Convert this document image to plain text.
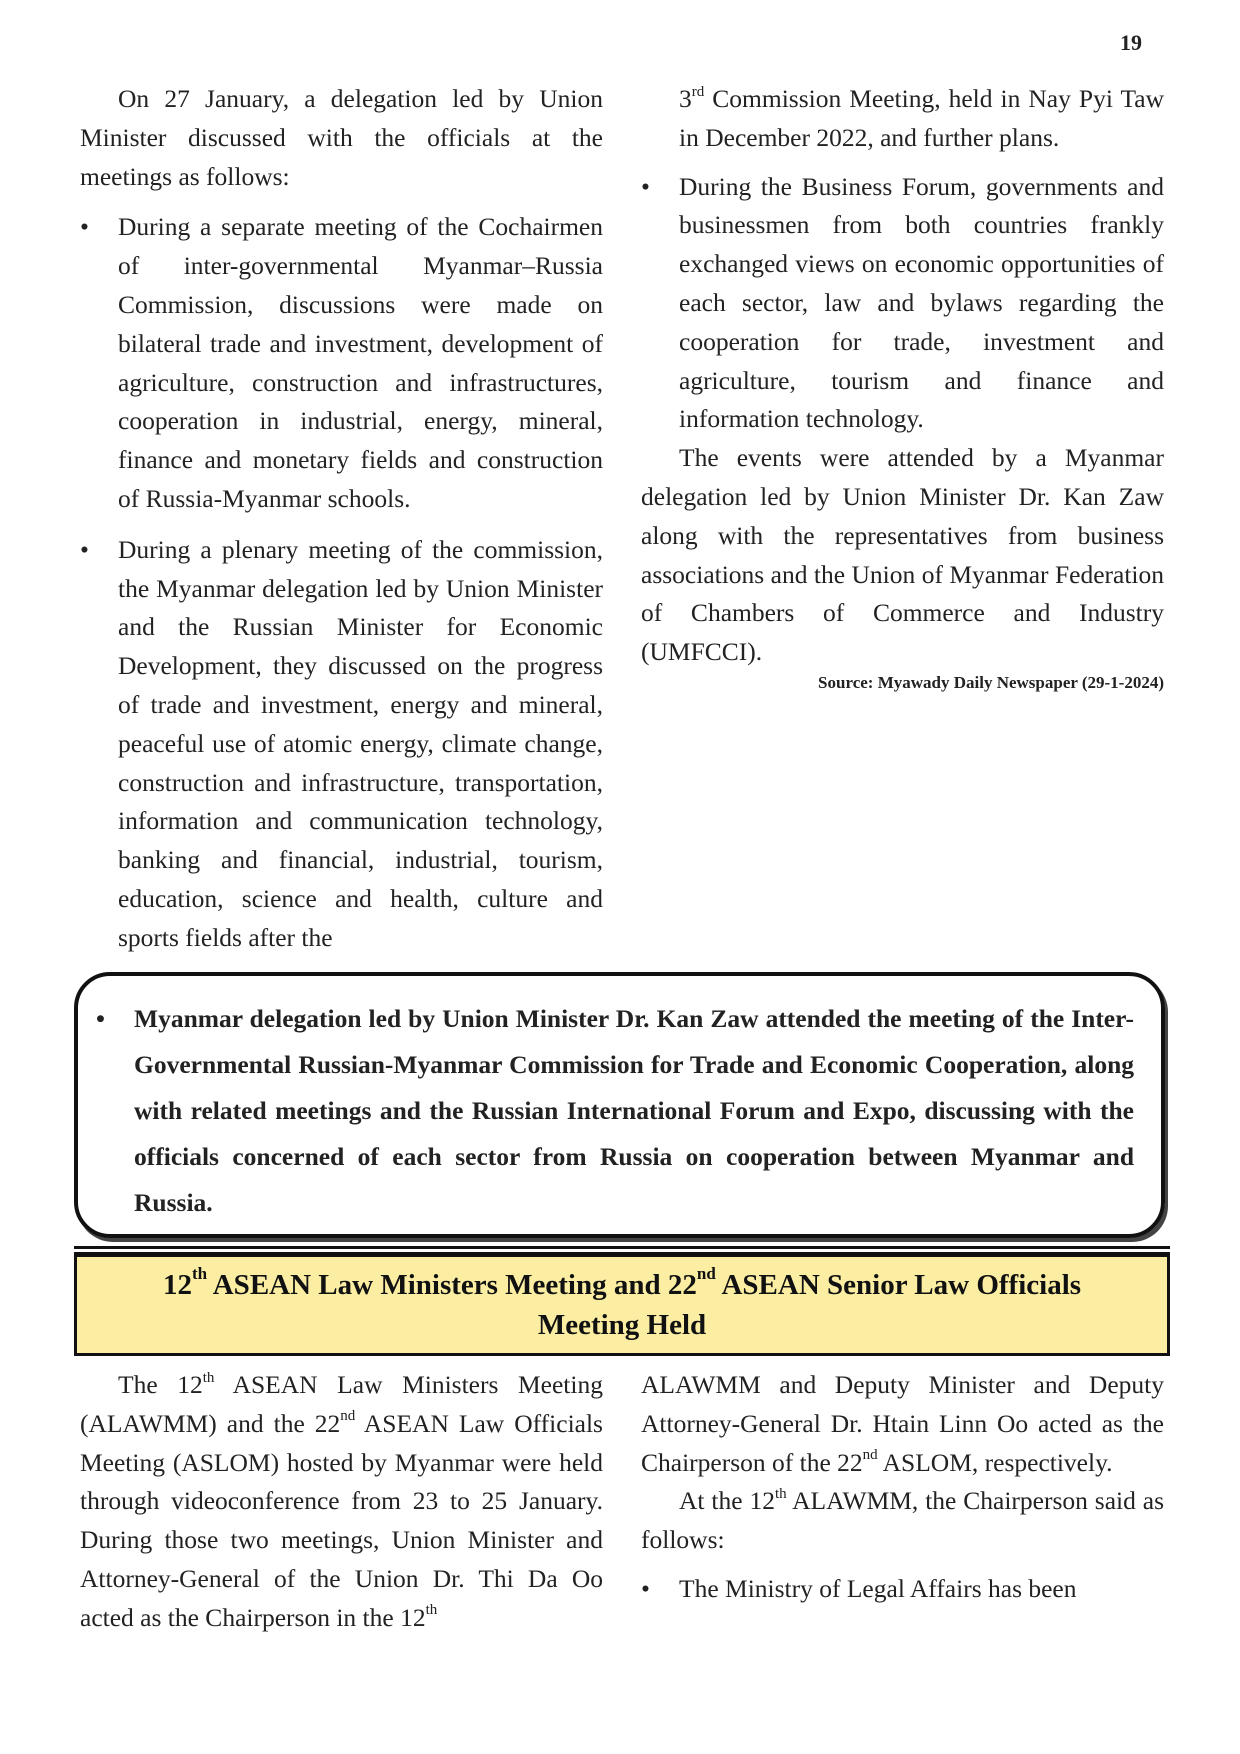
19

On 27 January, a delegation led by Union Minister discussed with the officials at the meetings as follows:

• During a separate meeting of the Cochairmen of inter-governmental Myanmar–Russia Commission, discussions were made on bilateral trade and investment, development of agriculture, construction and infrastructures, cooperation in industrial, energy, mineral, finance and monetary fields and construction of Russia-Myanmar schools.
• During a plenary meeting of the commission, the Myanmar delegation led by Union Minister and the Russian Minister for Economic Development, they discussed on the progress of trade and investment, energy and mineral, peaceful use of atomic energy, climate change, construction and infrastructure, transportation, information and communication technology, banking and financial, industrial, tourism, education, science and health, culture and sports fields after the
3rd Commission Meeting, held in Nay Pyi Taw in December 2022, and further plans.
• During the Business Forum, governments and businessmen from both countries frankly exchanged views on economic opportunities of each sector, law and bylaws regarding the cooperation for trade, investment and agriculture, tourism and finance and information technology.

The events were attended by a Myanmar delegation led by Union Minister Dr. Kan Zaw along with the representatives from business associations and the Union of Myanmar Federation of Chambers of Commerce and Industry (UMFCCI).

Source: Myawady Daily Newspaper (29-1-2024)

• Myanmar delegation led by Union Minister Dr. Kan Zaw attended the meeting of the Inter-Governmental Russian-Myanmar Commission for Trade and Economic Cooperation, along with related meetings and the Russian International Forum and Expo, discussing with the officials concerned of each sector from Russia on cooperation between Myanmar and Russia.
12th ASEAN Law Ministers Meeting and 22nd ASEAN Senior Law Officials Meeting Held

The 12th ASEAN Law Ministers Meeting (ALAWMM) and the 22nd ASEAN Law Officials Meeting (ASLOM) hosted by Myanmar were held through videoconference from 23 to 25 January. During those two meetings, Union Minister and Attorney-General of the Union Dr. Thi Da Oo acted as the Chairperson in the 12th

ALAWMM and Deputy Minister and Deputy Attorney-General Dr. Htain Linn Oo acted as the Chairperson of the 22nd ASLOM, respectively.

At the 12th ALAWMM, the Chairperson said as follows:

• The Ministry of Legal Affairs has been
